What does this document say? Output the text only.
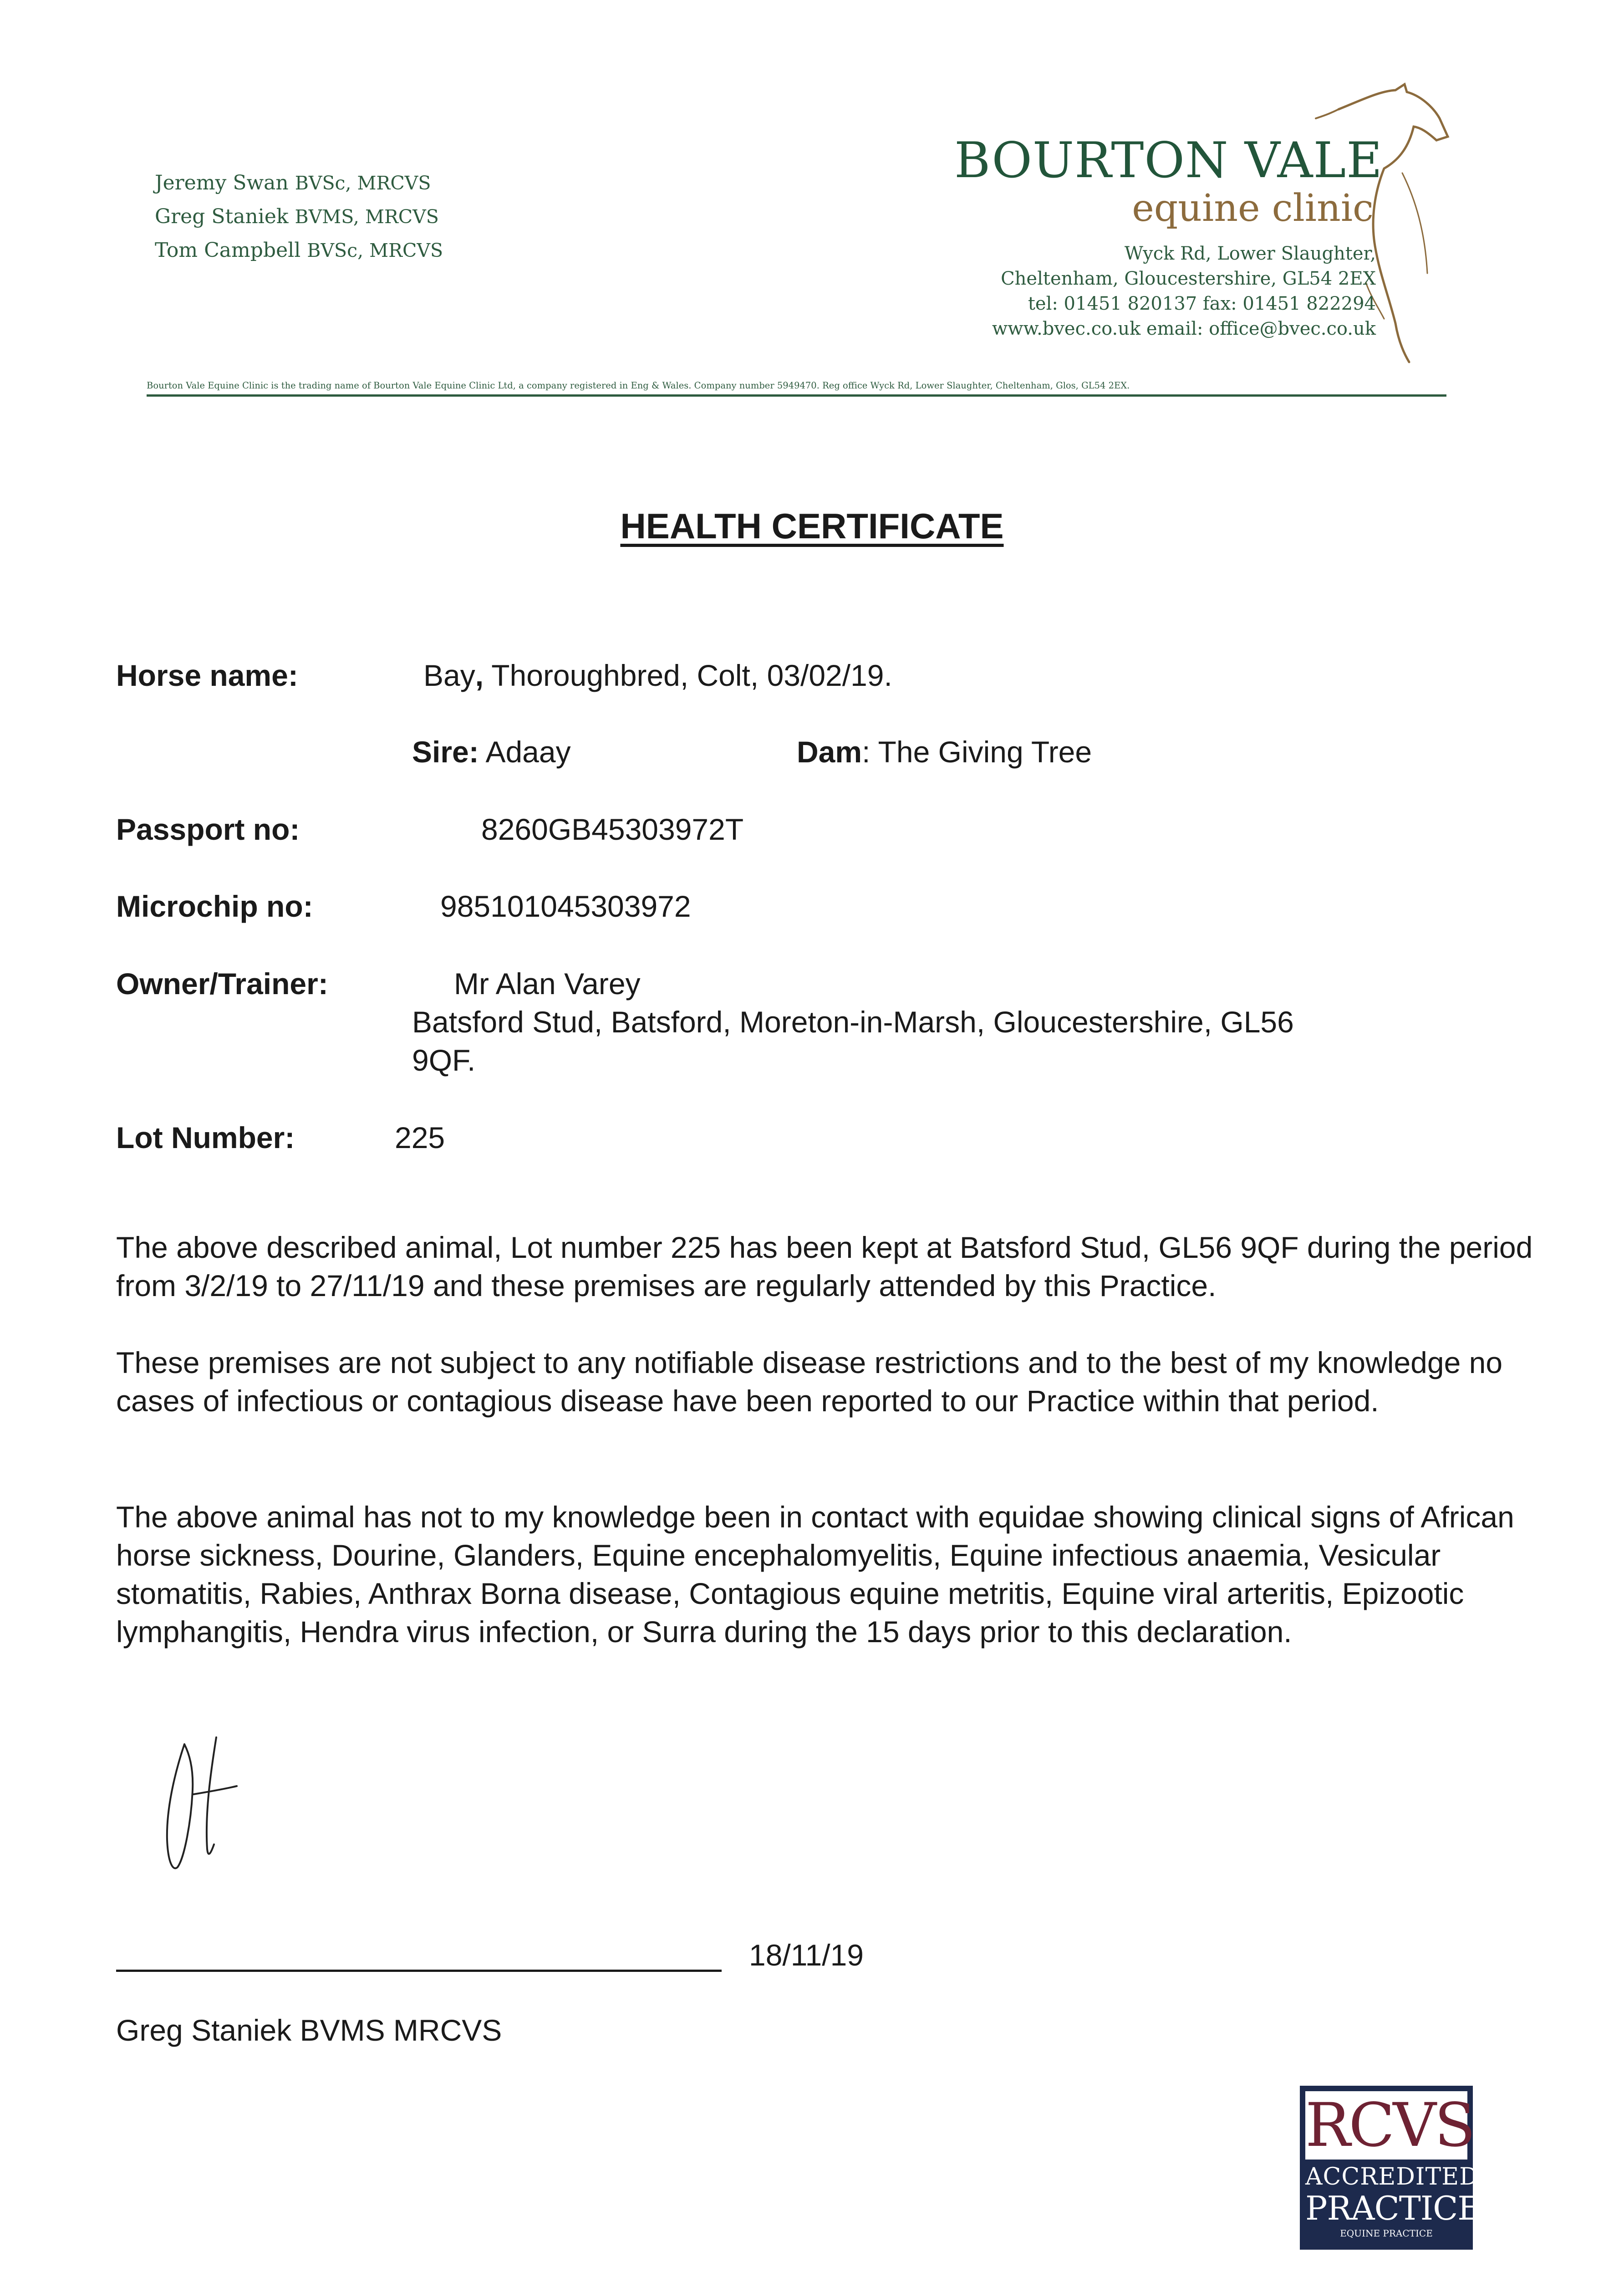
Jeremy Swan BVSc, MRCVS
Greg Staniek BVMS, MRCVS
Tom Campbell BVSc, MRCVS
BOURTON VALE
equine clinic
Wyck Rd, Lower Slaughter,
Cheltenham, Gloucestershire, GL54 2EX
tel: 01451 820137 fax: 01451 822294
www.bvec.co.uk email: office@bvec.co.uk
Bourton Vale Equine Clinic is the trading name of Bourton Vale Equine Clinic Ltd, a company registered in Eng & Wales. Company number 5949470. Reg office Wyck Rd, Lower Slaughter, Cheltenham, Glos, GL54 2EX.
HEALTH CERTIFICATE
Horse name:	Bay, Thoroughbred, Colt, 03/02/19.
Sire: Adaay	Dam: The Giving Tree
Passport no:	8260GB45303972T
Microchip no:	985101045303972
Owner/Trainer:	Mr Alan Varey
Batsford Stud, Batsford, Moreton-in-Marsh, Gloucestershire, GL56
9QF.
Lot Number:	225
The above described animal, Lot number 225 has been kept at Batsford Stud, GL56 9QF during the period from 3/2/19 to 27/11/19 and these premises are regularly attended by this Practice.
These premises are not subject to any notifiable disease restrictions and to the best of my knowledge no cases of infectious or contagious disease have been reported to our Practice within that period.
The above animal has not to my knowledge been in contact with equidae showing clinical signs of African horse sickness, Dourine, Glanders, Equine encephalomyelitis, Equine infectious anaemia, Vesicular stomatitis, Rabies, Anthrax Borna disease, Contagious equine metritis, Equine viral arteritis, Epizootic lymphangitis, Hendra virus infection, or Surra during the 15 days prior to this declaration.
18/11/19
Greg Staniek BVMS MRCVS
RCVS
ACCREDITED
PRACTICE
EQUINE PRACTICE
